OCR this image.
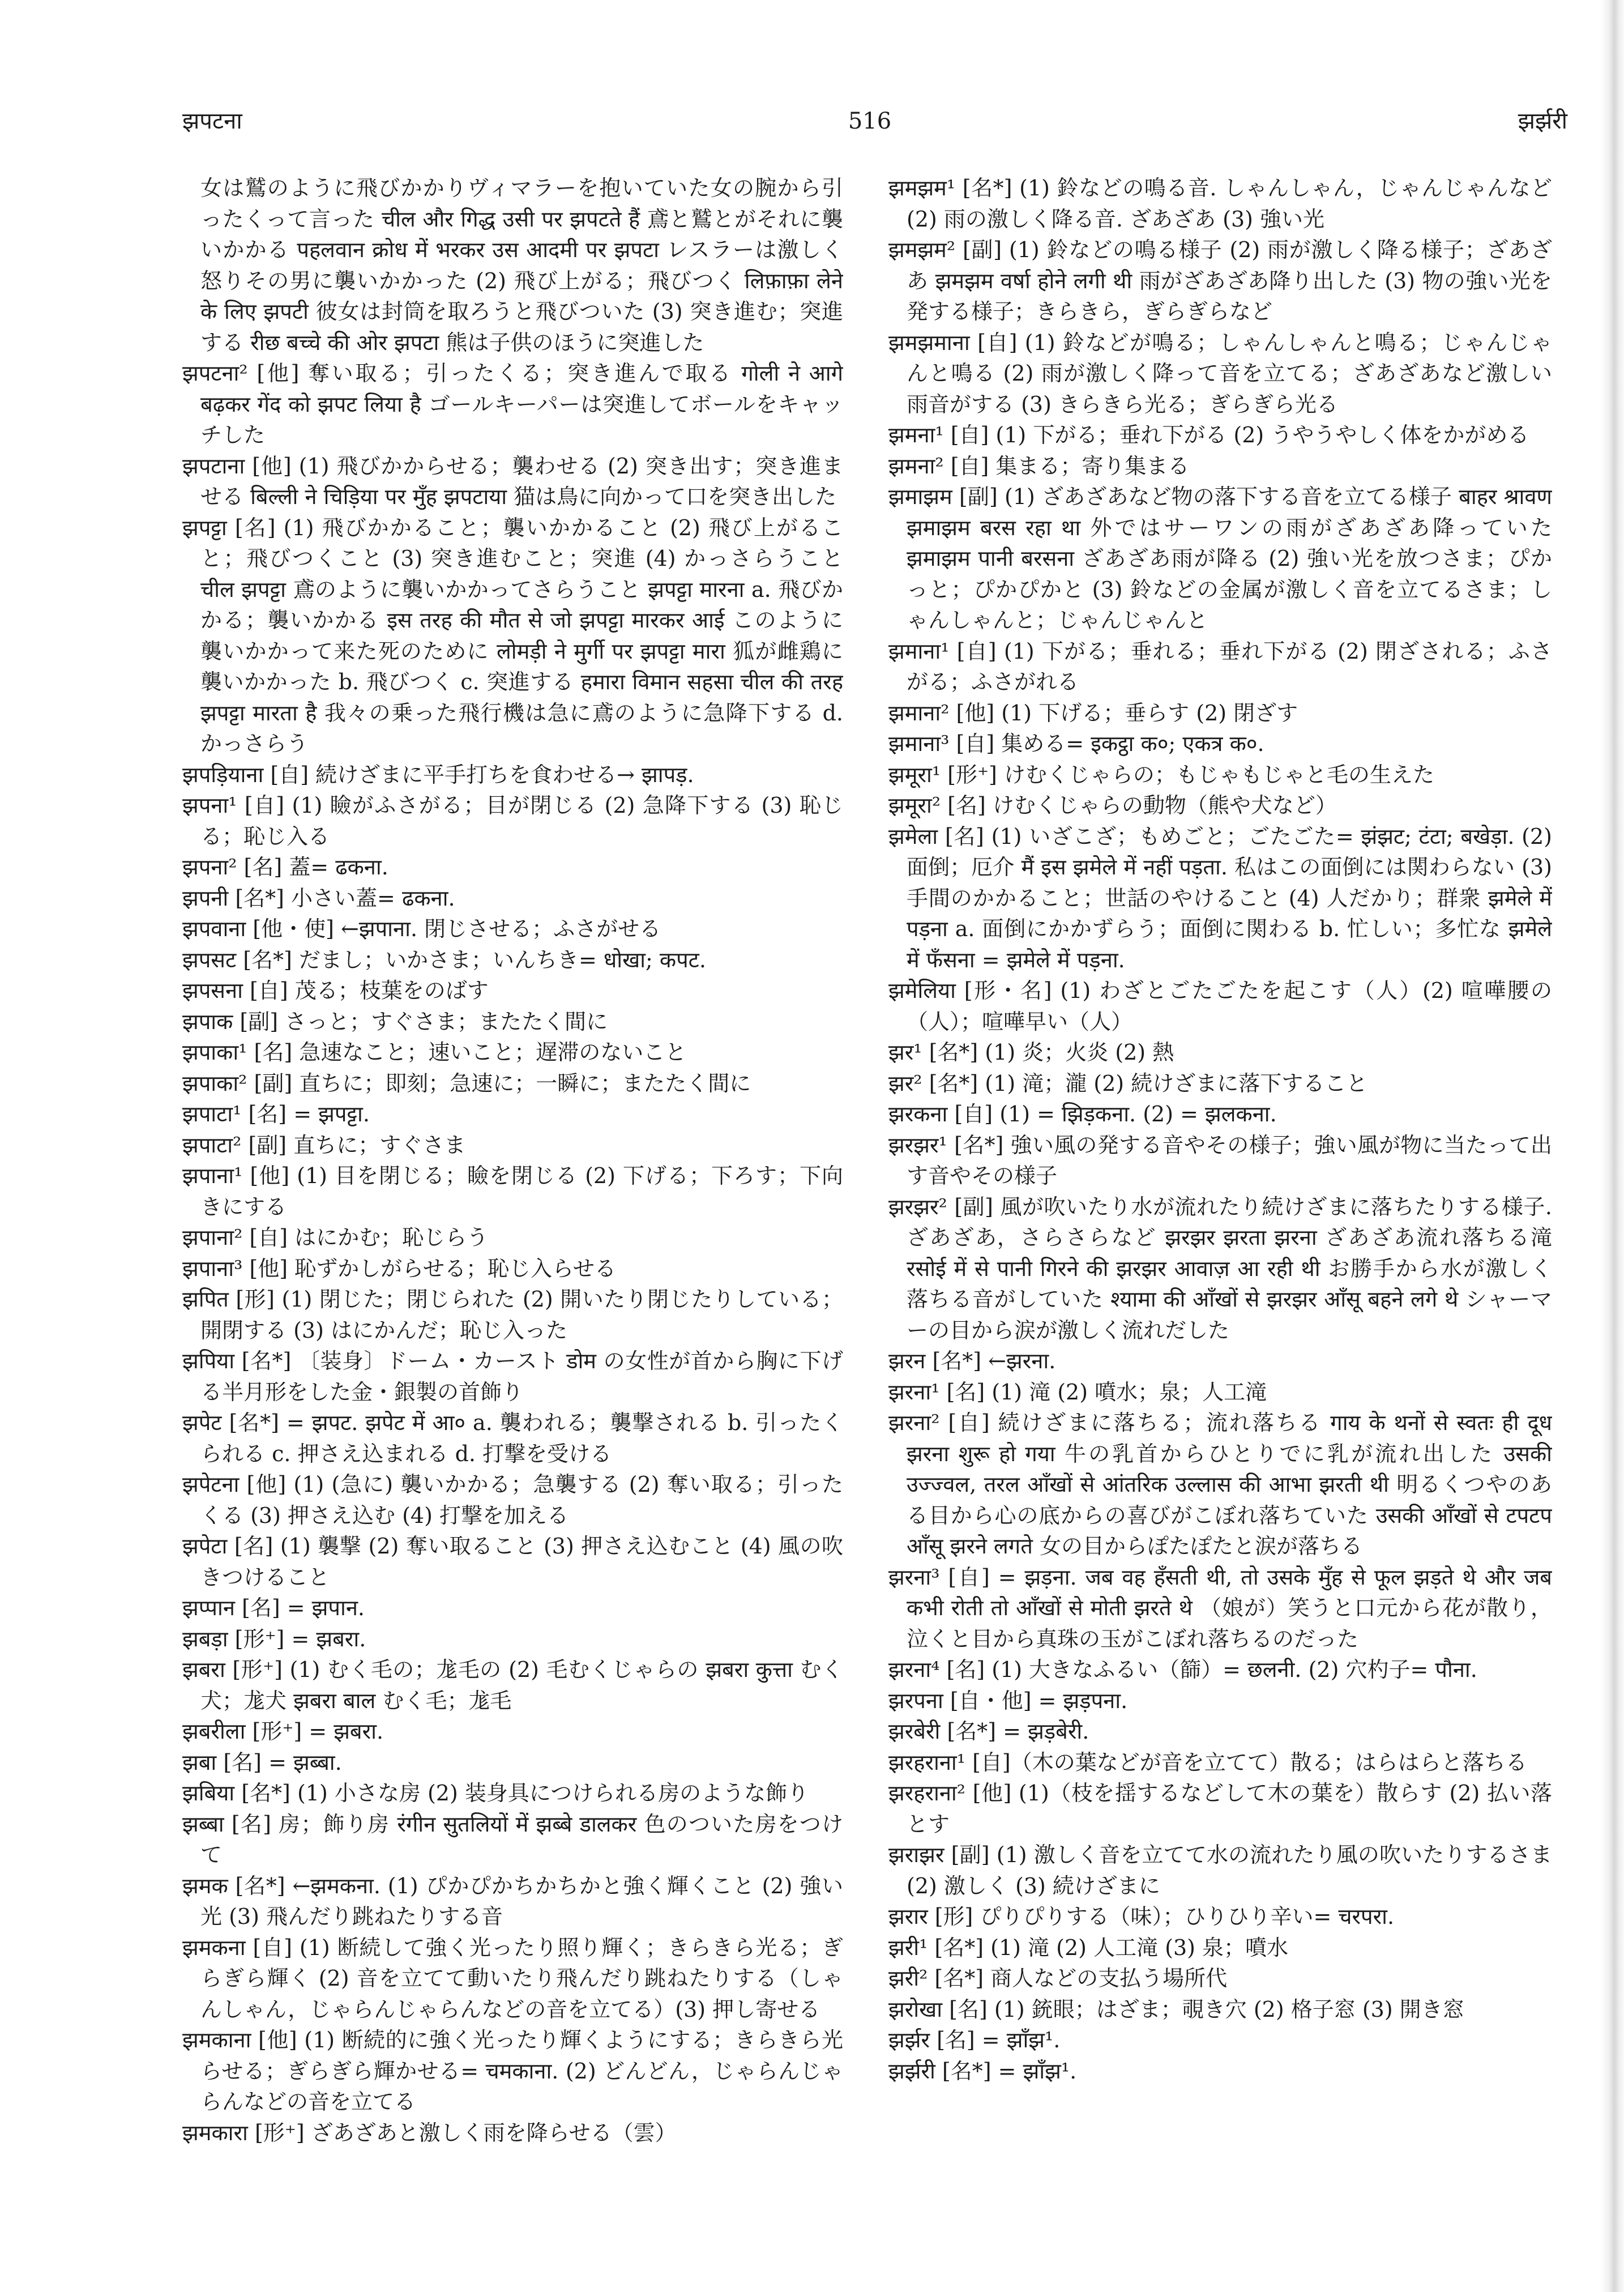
झपटना	516	झर्झरी

女は鷲のように飛びかかりヴィマラーを抱いていた女の腕から引ったくって言った चील और गिद्ध उसी पर झपटते हैं 鳶と鷲とがそれに襲いかかる पहलवान क्रोध में भरकर उस आदमी पर झपटा レスラーは激しく怒りその男に襲いかかった (2) 飛び上がる；飛びつく लिफ़ाफ़ा लेने के लिए झपटी 彼女は封筒を取ろうと飛びついた (3) 突き進む；突進する रीछ बच्चे की ओर झपटा 熊は子供のほうに突進した

झपटना² [他] 奪い取る；引ったくる；突き進んで取る गोली ने आगे बढ़कर गेंद को झपट लिया है ゴールキーパーは突進してボールをキャッチした

झपटाना [他] (1) 飛びかからせる；襲わせる (2) 突き出す；突き進ませる बिल्ली ने चिड़िया पर मुँह झपटाया 猫は鳥に向かって口を突き出した

झपट्टा [名] (1) 飛びかかること；襲いかかること (2) 飛び上がること；飛びつくこと (3) 突き進むこと；突進 (4) かっさらうこと चील झपट्टा 鳶のように襲いかかってさらうこと झपट्टा मारना a. 飛びかかる；襲いかかる इस तरह की मौत से जो झपट्टा मारकर आई このように襲いかかって来た死のために लोमड़ी ने मुर्गी पर झपट्टा मारा 狐が雌鶏に襲いかかった b. 飛びつく c. 突進する हमारा विमान सहसा चील की तरह झपट्टा मारता है 我々の乗った飛行機は急に鳶のように急降下する d. かっさらう

झपड़ियाना [自] 続けざまに平手打ちを食わせる→ झापड़.

झपना¹ [自] (1) 瞼がふさがる；目が閉じる (2) 急降下する (3) 恥じる；恥じ入る

झपना² [名] 蓋= ढकना.

झपनी [名*] 小さい蓋= ढकना.

झपवाना [他・使] ←झपाना. 閉じさせる；ふさがせる

झपसट [名*] だまし；いかさま；いんちき= धोखा; कपट.

झपसना [自] 茂る；枝葉をのばす

झपाक [副] さっと；すぐさま；またたく間に

झपाका¹ [名] 急速なこと；速いこと；遅滞のないこと

झपाका² [副] 直ちに；即刻；急速に；一瞬に；またたく間に

झपाटा¹ [名] = झपट्टा.

झपाटा² [副] 直ちに；すぐさま

झपाना¹ [他] (1) 目を閉じる；瞼を閉じる (2) 下げる；下ろす；下向きにする

झपाना² [自] はにかむ；恥じらう

झपाना³ [他] 恥ずかしがらせる；恥じ入らせる

झपित [形] (1) 閉じた；閉じられた (2) 開いたり閉じたりしている；開閉する (3) はにかんだ；恥じ入った

झपिया [名*] 〔装身〕ドーム・カースト डोम の女性が首から胸に下げる半月形をした金・銀製の首飾り

झपेट [名*] = झपट. झपेट में आ० a. 襲われる；襲撃される b. 引ったくられる c. 押さえ込まれる d. 打撃を受ける

झपेटना [他] (1) (急に) 襲いかかる；急襲する (2) 奪い取る；引ったくる (3) 押さえ込む (4) 打撃を加える

झपेटा [名] (1) 襲撃 (2) 奪い取ること (3) 押さえ込むこと (4) 風の吹きつけること

झप्पान [名] = झपान.

झबड़ा [形⁺] = झबरा.

झबरा [形⁺] (1) むく毛の；尨毛の (2) 毛むくじゃらの झबरा कुत्ता むく犬；尨犬 झबरा बाल むく毛；尨毛

झबरीला [形⁺] = झबरा.

झबा [名] = झब्बा.

झबिया [名*] (1) 小さな房 (2) 装身具につけられる房のような飾り

झब्बा [名] 房；飾り房 रंगीन सुतलियों में झब्बे डालकर 色のついた房をつけて

झमक [名*] ←झमकना. (1) ぴかぴかちかちかと強く輝くこと (2) 強い光 (3) 飛んだり跳ねたりする音

झमकना [自] (1) 断続して強く光ったり照り輝く；きらきら光る；ぎらぎら輝く (2) 音を立てて動いたり飛んだり跳ねたりする（しゃんしゃん，じゃらんじゃらんなどの音を立てる）(3) 押し寄せる

झमकाना [他] (1) 断続的に強く光ったり輝くようにする；きらきら光らせる；ぎらぎら輝かせる= चमकाना. (2) どんどん，じゃらんじゃらんなどの音を立てる

झमकारा [形⁺] ざあざあと激しく雨を降らせる（雲）

झमझम¹ [名*] (1) 鈴などの鳴る音. しゃんしゃん，じゃんじゃんなど (2) 雨の激しく降る音. ざあざあ (3) 強い光

झमझम² [副] (1) 鈴などの鳴る様子 (2) 雨が激しく降る様子；ざあざあ झमझम वर्षा होने लगी थी 雨がざあざあ降り出した (3) 物の強い光を発する様子；きらきら，ぎらぎらなど

झमझमाना [自] (1) 鈴などが鳴る；しゃんしゃんと鳴る；じゃんじゃんと鳴る (2) 雨が激しく降って音を立てる；ざあざあなど激しい雨音がする (3) きらきら光る；ぎらぎら光る

झमना¹ [自] (1) 下がる；垂れ下がる (2) うやうやしく体をかがめる

झमना² [自] 集まる；寄り集まる

झमाझम [副] (1) ざあざあなど物の落下する音を立てる様子 बाहर श्रावण झमाझम बरस रहा था 外ではサーワンの雨がざあざあ降っていた झमाझम पानी बरसना ざあざあ雨が降る (2) 強い光を放つさま；ぴかっと；ぴかぴかと (3) 鈴などの金属が激しく音を立てるさま；しゃんしゃんと；じゃんじゃんと

झमाना¹ [自] (1) 下がる；垂れる；垂れ下がる (2) 閉ざされる；ふさがる；ふさがれる

झमाना² [他] (1) 下げる；垂らす (2) 閉ざす

झमाना³ [自] 集める= इकट्ठा क०; एकत्र क०.

झमूरा¹ [形⁺] けむくじゃらの；もじゃもじゃと毛の生えた

झमूरा² [名] けむくじゃらの動物（熊や犬など）

झमेला [名] (1) いざこざ；もめごと；ごたごた= झंझट; टंटा; बखेड़ा. (2) 面倒；厄介 मैं इस झमेले में नहीं पड़ता. 私はこの面倒には関わらない (3) 手間のかかること；世話のやけること (4) 人だかり；群衆 झमेले में पड़ना a. 面倒にかかずらう；面倒に関わる b. 忙しい；多忙な झमेले में फँसना = झमेले में पड़ना.

झमेलिया [形・名] (1) わざとごたごたを起こす（人）(2) 喧嘩腰の（人）；喧嘩早い（人）

झर¹ [名*] (1) 炎；火炎 (2) 熱

झर² [名*] (1) 滝；瀧 (2) 続けざまに落下すること

झरकना [自] (1) = झिड़कना. (2) = झलकना.

झरझर¹ [名*] 強い風の発する音やその様子；強い風が物に当たって出す音やその様子

झरझर² [副] 風が吹いたり水が流れたり続けざまに落ちたりする様子. ざあざあ，さらさらなど झरझर झरता झरना ざあざあ流れ落ちる滝 रसोई में से पानी गिरने की झरझर आवाज़ आ रही थी お勝手から水が激しく落ちる音がしていた श्यामा की आँखों से झरझर आँसू बहने लगे थे シャーマーの目から涙が激しく流れだした

झरन [名*] ←झरना.

झरना¹ [名] (1) 滝 (2) 噴水；泉；人工滝

झरना² [自] 続けざまに落ちる；流れ落ちる गाय के थनों से स्वतः ही दूध झरना शुरू हो गया 牛の乳首からひとりでに乳が流れ出した उसकी उज्ज्वल, तरल आँखों से आंतरिक उल्लास की आभा झरती थी 明るくつやのある目から心の底からの喜びがこぼれ落ちていた उसकी आँखों से टपटप आँसू झरने लगते 女の目からぽたぽたと涙が落ちる

झरना³ [自] = झड़ना. जब वह हँसती थी, तो उसके मुँह से फूल झड़ते थे और जब कभी रोती तो आँखों से मोती झरते थे （娘が）笑うと口元から花が散り，泣くと目から真珠の玉がこぼれ落ちるのだった

झरना⁴ [名] (1) 大きなふるい（篩）= छलनी. (2) 穴杓子= पौना.

झरपना [自・他] = झड़पना.

झरबेरी [名*] = झड़बेरी.

झरहराना¹ [自]（木の葉などが音を立てて）散る；はらはらと落ちる

झरहराना² [他] (1)（枝を揺するなどして木の葉を）散らす (2) 払い落とす

झराझर [副] (1) 激しく音を立てて水の流れたり風の吹いたりするさま (2) 激しく (3) 続けざまに

झरार [形] ぴりぴりする（味）；ひりひり辛い= चरपरा.

झरी¹ [名*] (1) 滝 (2) 人工滝 (3) 泉；噴水

झरी² [名*] 商人などの支払う場所代

झरोखा [名] (1) 銃眼；はざま；覗き穴 (2) 格子窓 (3) 開き窓

झर्झर [名] = झाँझ¹.

झर्झरी [名*] = झाँझ¹.
